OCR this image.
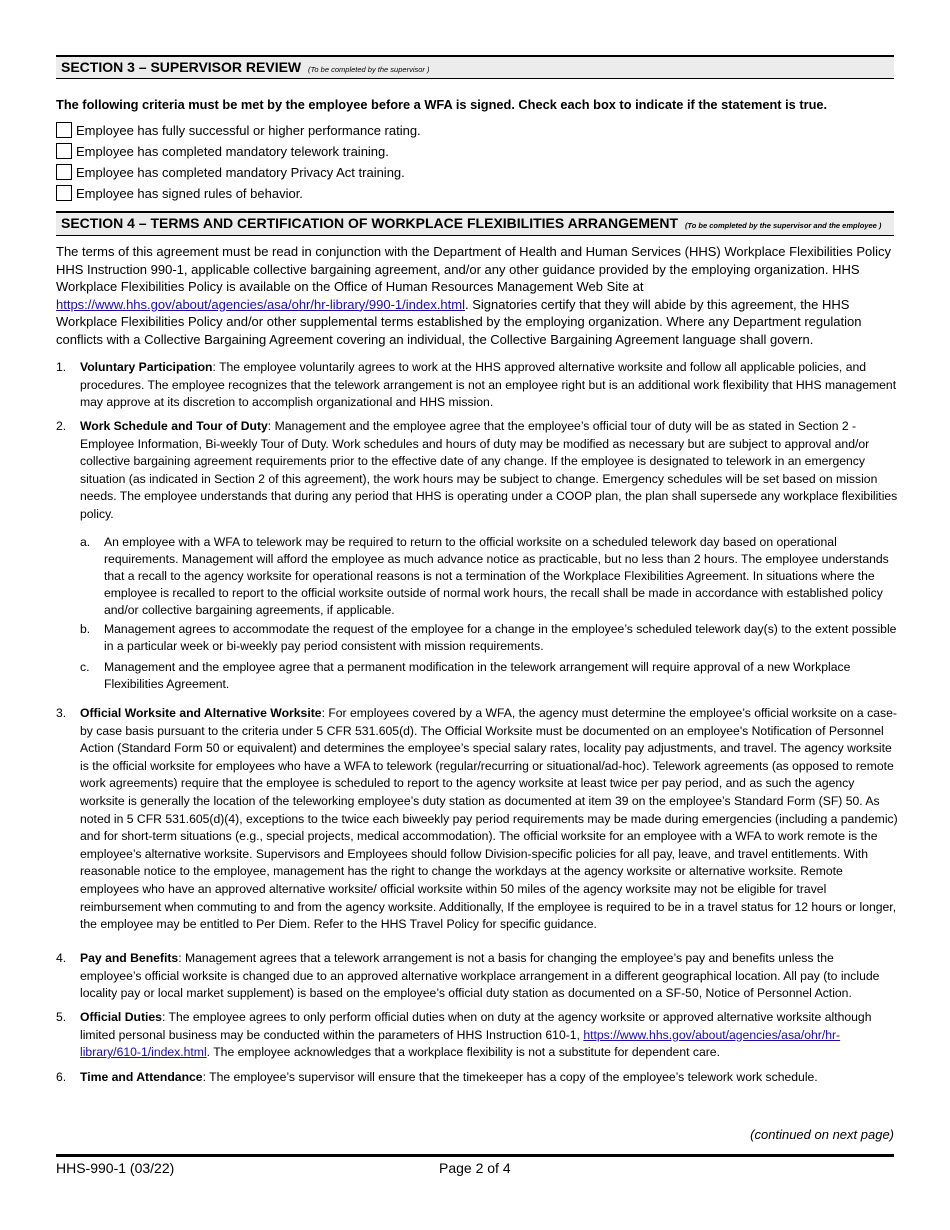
SECTION 3 – SUPERVISOR REVIEW (To be completed by the supervisor )
The following criteria must be met by the employee before a WFA is signed. Check each box to indicate if the statement is true.
Employee has fully successful or higher performance rating.
Employee has completed mandatory telework training.
Employee has completed mandatory Privacy Act training.
Employee has signed rules of behavior.
SECTION 4 – TERMS AND CERTIFICATION OF WORKPLACE FLEXIBILITIES ARRANGEMENT (To be completed by the supervisor and the employee )
The terms of this agreement must be read in conjunction with the Department of Health and Human Services (HHS) Workplace Flexibilities Policy HHS Instruction 990-1, applicable collective bargaining agreement, and/or any other guidance provided by the employing organization. HHS Workplace Flexibilities Policy is available on the Office of Human Resources Management Web Site at https://www.hhs.gov/about/agencies/asa/ohr/hr-library/990-1/index.html. Signatories certify that they will abide by this agreement, the HHS Workplace Flexibilities Policy and/or other supplemental terms established by the employing organization. Where any Department regulation conflicts with a Collective Bargaining Agreement covering an individual, the Collective Bargaining Agreement language shall govern.
1. Voluntary Participation: The employee voluntarily agrees to work at the HHS approved alternative worksite and follow all applicable policies, and procedures. The employee recognizes that the telework arrangement is not an employee right but is an additional work flexibility that HHS management may approve at its discretion to accomplish organizational and HHS mission.
2. Work Schedule and Tour of Duty: Management and the employee agree that the employee’s official tour of duty will be as stated in Section 2 - Employee Information, Bi-weekly Tour of Duty. Work schedules and hours of duty may be modified as necessary but are subject to approval and/or collective bargaining agreement requirements prior to the effective date of any change. If the employee is designated to telework in an emergency situation (as indicated in Section 2 of this agreement), the work hours may be subject to change. Emergency schedules will be set based on mission needs. The employee understands that during any period that HHS is operating under a COOP plan, the plan shall supersede any workplace flexibilities policy.
a. An employee with a WFA to telework may be required to return to the official worksite on a scheduled telework day based on operational requirements. Management will afford the employee as much advance notice as practicable, but no less than 2 hours. The employee understands that a recall to the agency worksite for operational reasons is not a termination of the Workplace Flexibilities Agreement. In situations where the employee is recalled to report to the official worksite outside of normal work hours, the recall shall be made in accordance with established policy and/or collective bargaining agreements, if applicable.
b. Management agrees to accommodate the request of the employee for a change in the employee’s scheduled telework day(s) to the extent possible in a particular week or bi-weekly pay period consistent with mission requirements.
c. Management and the employee agree that a permanent modification in the telework arrangement will require approval of a new Workplace Flexibilities Agreement.
3. Official Worksite and Alternative Worksite: For employees covered by a WFA, the agency must determine the employee’s official worksite on a case-by case basis pursuant to the criteria under 5 CFR 531.605(d). The Official Worksite must be documented on an employee's Notification of Personnel Action (Standard Form 50 or equivalent) and determines the employee’s special salary rates, locality pay adjustments, and travel. The agency worksite is the official worksite for employees who have a WFA to telework (regular/recurring or situational/ad-hoc). Telework agreements (as opposed to remote work agreements) require that the employee is scheduled to report to the agency worksite at least twice per pay period, and as such the agency worksite is generally the location of the teleworking employee’s duty station as documented at item 39 on the employee’s Standard Form (SF) 50. As noted in 5 CFR 531.605(d)(4), exceptions to the twice each biweekly pay period requirements may be made during emergencies (including a pandemic) and for short-term situations (e.g., special projects, medical accommodation). The official worksite for an employee with a WFA to work remote is the employee’s alternative worksite. Supervisors and Employees should follow Division-specific policies for all pay, leave, and travel entitlements. With reasonable notice to the employee, management has the right to change the workdays at the agency worksite or alternative worksite. Remote employees who have an approved alternative worksite/ official worksite within 50 miles of the agency worksite may not be eligible for travel reimbursement when commuting to and from the agency worksite. Additionally, If the employee is required to be in a travel status for 12 hours or longer, the employee may be entitled to Per Diem. Refer to the HHS Travel Policy for specific guidance.
4. Pay and Benefits: Management agrees that a telework arrangement is not a basis for changing the employee’s pay and benefits unless the employee’s official worksite is changed due to an approved alternative workplace arrangement in a different geographical location. All pay (to include locality pay or local market supplement) is based on the employee’s official duty station as documented on a SF-50, Notice of Personnel Action.
5. Official Duties: The employee agrees to only perform official duties when on duty at the agency worksite or approved alternative worksite although limited personal business may be conducted within the parameters of HHS Instruction 610-1, https://www.hhs.gov/about/agencies/asa/ohr/hr-library/610-1/index.html. The employee acknowledges that a workplace flexibility is not a substitute for dependent care.
6. Time and Attendance: The employee’s supervisor will ensure that the timekeeper has a copy of the employee’s telework work schedule.
(continued on next page)
HHS-990-1 (03/22)	Page 2 of 4
